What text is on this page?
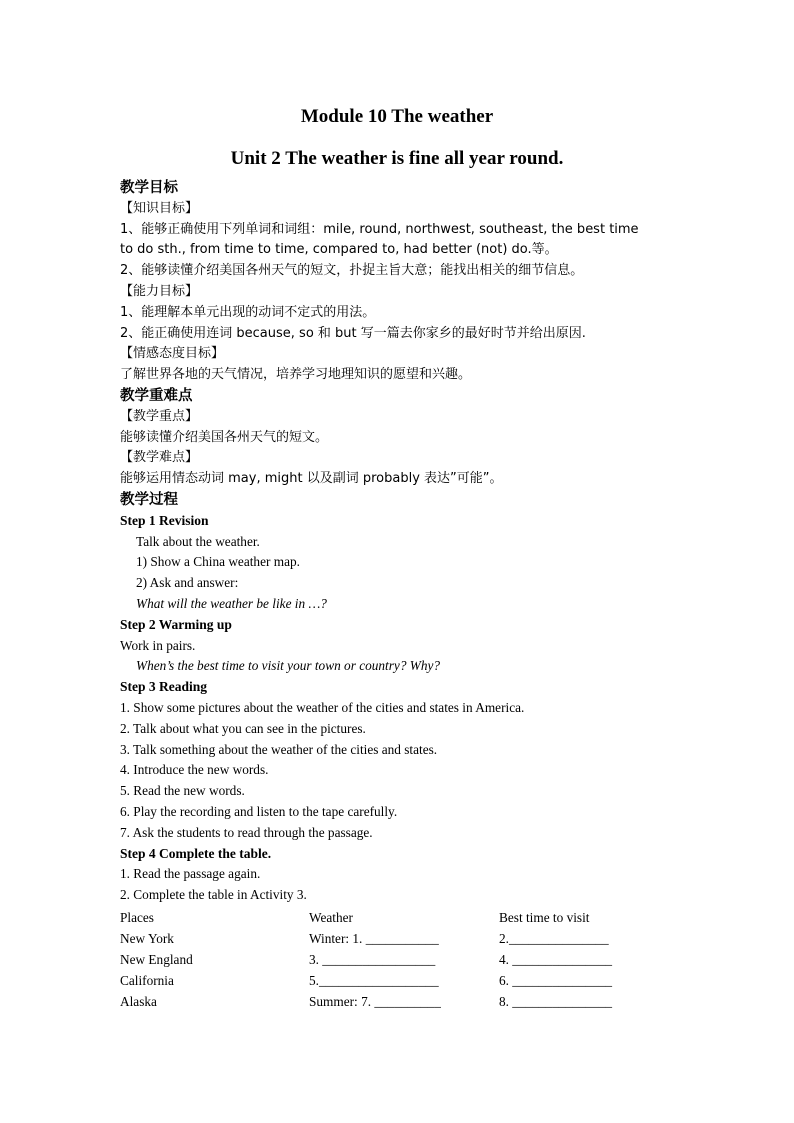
Module 10 The weather
Unit 2 The weather is fine all year round.
教学目标
【知识目标】
1、能够正确使用下列单词和词组：mile, round, northwest, southeast, the best time
to do sth., from time to time, compared to, had better (not) do.等。
2、能够读懂介绍美国各州天气的短文，扑捉主旨大意；能找出相关的细节信息。
【能力目标】
1、能理解本单元出现的动词不定式的用法。
2、能正确使用连词 because, so 和 but 写一篇去你家乡的最好时节并给出原因.
【情感态度目标】
了解世界各地的天气情况，培养学习地理知识的愿望和兴趣。
教学重难点
【教学重点】
能够读懂介绍美国各州天气的短文。
【教学难点】
能够运用情态动词 may, might 以及副词 probably 表达”可能”。
教学过程
Step 1 Revision
Talk about the weather.
1) Show a China weather map.
2) Ask and answer:
What will the weather be like in …?
Step 2 Warming up
Work in pairs.
When’s the best time to visit your town or country? Why?
Step 3 Reading
1. Show some pictures about the weather of the cities and states in America.
2. Talk about what you can see in the pictures.
3. Talk something about the weather of the cities and states.
4. Introduce the new words.
5. Read the new words.
6. Play the recording and listen to the tape carefully.
7. Ask the students to read through the passage.
Step 4 Complete the table.
1. Read the passage again.
2. Complete the table in Activity 3.
Places	Weather	Best time to visit
New York	Winter: 1. ___________	2._______________
New England	3. _________________	4. _______________
California	5.__________________	6. _______________
Alaska	Summer: 7. __________	8. _______________
